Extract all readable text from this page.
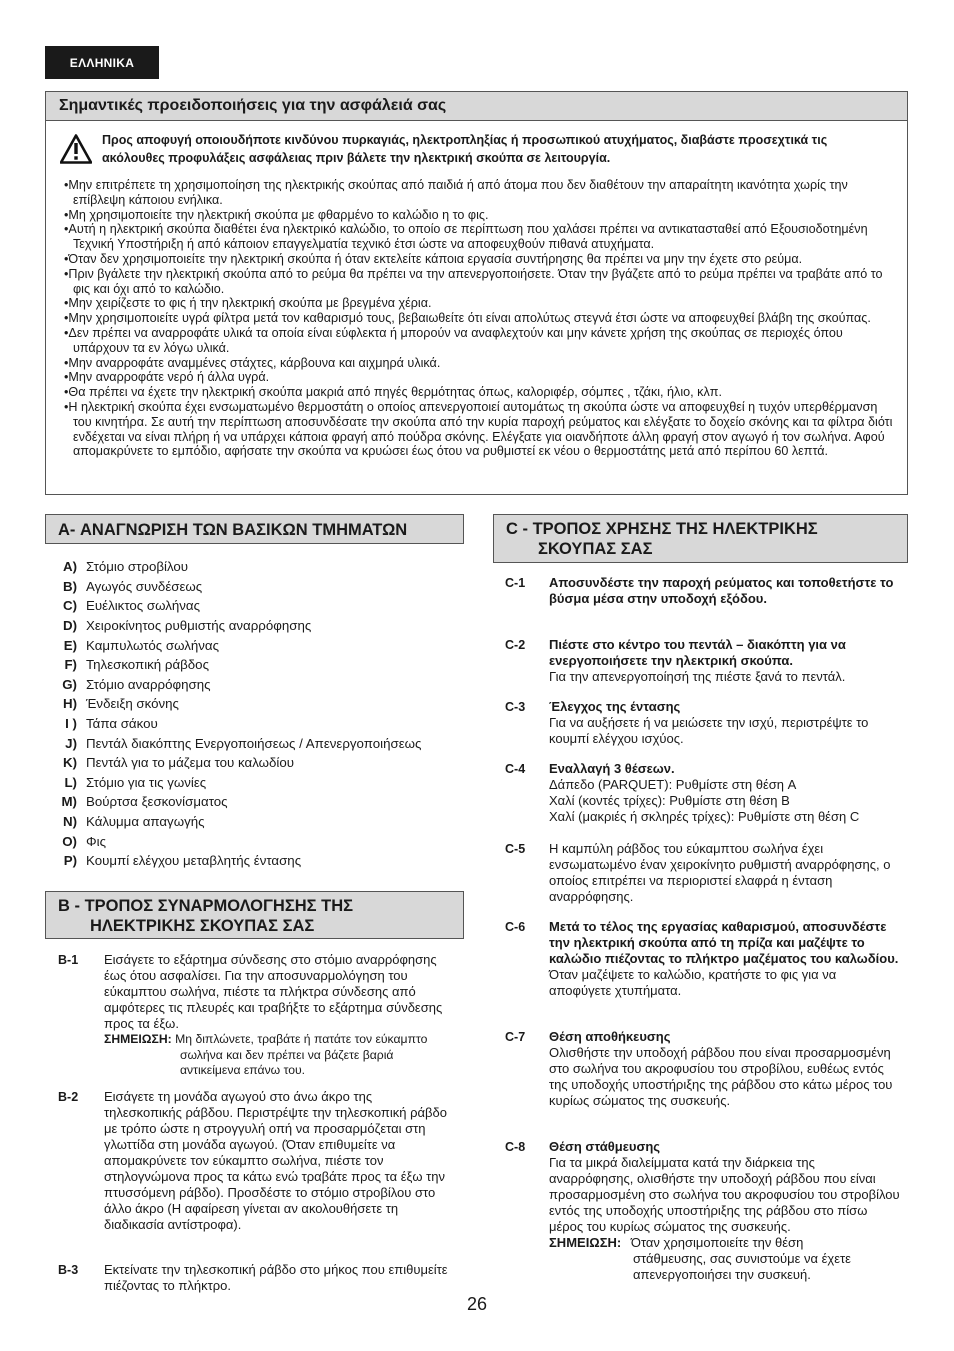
ΕΛΛΗΝΙΚΑ
Σημαντικές προειδοποιήσεις για την ασφάλειά σας
Προς αποφυγή οποιουδήποτε κινδύνου πυρκαγιάς, ηλεκτροπληξίας ή προσωπικού ατυχήματος, διαβάστε προσεχτικά τις ακόλουθες προφυλάξεις ασφάλειας πριν βάλετε την ηλεκτρική σκούπα σε λειτουργία.
• Μην επιτρέπετε τη χρησιμοποίηση της ηλεκτρικής σκούπας από παιδιά ή από άτομα που δεν διαθέτουν την απαραίτητη ικανότητα χωρίς την επίβλεψη κάποιου ενήλικα.
• Μη χρησιμοποιείτε την ηλεκτρική σκούπα με φθαρμένο το καλώδιο η το φις.
• Αυτή η ηλεκτρική σκούπα διαθέτει ένα ηλεκτρικό καλώδιο, το οποίο σε περίπτωση που χαλάσει πρέπει να αντικατασταθεί από Εξουσιοδοτημένη Τεχνική Υποστήριξη ή από κάποιον επαγγελματία τεχνικό έτσι ώστε να αποφευχθούν πιθανά ατυχήματα.
• Όταν δεν χρησιμοποιείτε την ηλεκτρική σκούπα ή όταν εκτελείτε κάποια εργασία συντήρησης θα πρέπει να μην την έχετε στο ρεύμα.
• Πριν βγάλετε την ηλεκτρική σκούπα από το ρεύμα θα πρέπει να την απενεργοποιήσετε. Όταν την βγάζετε από το ρεύμα πρέπει να τραβάτε από το φις και όχι από το καλώδιο.
• Μην χειρίζεστε το φις ή την ηλεκτρική σκούπα με βρεγμένα χέρια.
• Μην χρησιμοποιείτε υγρά φίλτρα μετά τον καθαρισμό τους, βεβαιωθείτε ότι είναι απολύτως στεγνά έτσι ώστε να αποφευχθεί βλάβη της σκούπας.
• Δεν πρέπει να αναρροφάτε υλικά τα οποία είναι εύφλεκτα ή μπορούν να αναφλεχτούν και μην κάνετε χρήση της σκούπας σε περιοχές όπου υπάρχουν τα εν λόγω υλικά.
• Μην αναρροφάτε αναμμένες στάχτες, κάρβουνα και αιχμηρά υλικά.
• Μην αναρροφάτε νερό ή άλλα υγρά.
• Θα πρέπει να έχετε την ηλεκτρική σκούπα μακριά από πηγές θερμότητας όπως, καλοριφέρ, σόμπες , τζάκι, ήλιο, κλπ.
• Η ηλεκτρική σκούπα έχει ενσωματωμένο θερμοστάτη ο οποίος απενεργοποιεί αυτομάτως τη σκούπα ώστε να αποφευχθεί η τυχόν υπερθέρμανση του κινητήρα. Σε αυτή την περίπτωση αποσυνδέσατε την σκούπα από την κυρία παροχή ρεύματος και ελέγξατε το δοχείο σκόνης και τα φίλτρα διότι ενδέχεται να είναι πλήρη ή να υπάρχει κάποια φραγή από πούδρα σκόνης. Ελέγξατε για οιανδήποτε άλλη φραγή στον αγωγό ή τον σωλήνα. Αφού απομακρύνετε το εμπόδιο, αφήσατε την σκούπα να κρυώσει έως ότου να ρυθμιστεί εκ νέου ο θερμοστάτης μετά από περίπου 60 λεπτά.
A- ΑΝΑΓΝΩΡΙΣΗ ΤΩΝ ΒΑΣΙΚΩΝ ΤΜΗΜΑΤΩΝ
A) Στόμιο στροβίλου
B) Αγωγός συνδέσεως
C) Ευέλικτος σωλήνας
D) Χειροκίνητος ρυθμιστής αναρρόφησης
E) Καμπυλωτός σωλήνας
F) Τηλεσκοπική ράβδος
G) Στόμιο αναρρόφησης
H) Ένδειξη σκόνης
I ) Τάπα σάκου
J) Πεντάλ διακόπτης Ενεργοποιήσεως / Απενεργοποιήσεως
K) Πεντάλ για το μάζεμα του καλωδίου
L) Στόμιο για τις γωνίες
M) Βούρτσα ξεσκονίσματος
N) Κάλυμμα απαγωγής
O) Φις
P) Κουμπί ελέγχου μεταβλητής έντασης
B - ΤΡΟΠΟΣ ΣΥΝΑΡΜΟΛΟΓΗΣΗΣ ΤΗΣ
ΗΛΕΚΤΡΙΚΗΣ ΣΚΟΥΠΑΣ ΣΑΣ
B-1 Εισάγετε το εξάρτημα σύνδεσης στο στόμιο αναρρόφησης έως ότου ασφαλίσει. Για την αποσυναρμολόγηση του εύκαμπτου σωλήνα, πιέστε τα πλήκτρα σύνδεσης από αμφότερες τις πλευρές και τραβήξτε το εξάρτημα σύνδεσης προς τα έξω.
ΣΗΜΕΙΩΣΗ: Μη διπλώνετε, τραβάτε ή πατάτε τον εύκαμπτο
σωλήνα και δεν πρέπει να βάζετε βαριά αντικείμενα επάνω του.
B-2	Εισάγετε τη μονάδα αγωγού στο άνω άκρο της τηλεσκοπικής ράβδου. Περιστρέψτε την τηλεσκοπική ράβδο με τρόπο ώστε η στρογγυλή οπή να προσαρμόζεται στη γλωττίδα στη μονάδα αγωγού. (Όταν επιθυμείτε να απομακρύνετε τον εύκαμπτο σωλήνα, πιέστε τον στηλογνώμονα προς τα κάτω ενώ τραβάτε προς τα έξω την πτυσσόμενη ράβδο). Προσδέστε το στόμιο στροβίλου στο άλλο άκρο (Η αφαίρεση γίνεται αν ακολουθήσετε τη διαδικασία αντίστροφα).
B-3	Εκτείνατε την τηλεσκοπική ράβδο στο μήκος που επιθυμείτε πιέζοντας το πλήκτρο.
C - ΤΡΟΠΟΣ ΧΡΗΣΗΣ ΤΗΣ ΗΛΕΚΤΡΙΚΗΣ
ΣΚΟΥΠΑΣ ΣΑΣ
C-1	Αποσυνδέστε την παροχή ρεύματος και τοποθετήστε το βύσμα μέσα στην υποδοχή εξόδου.
C-2 Πιέστε στο κέντρο του πεντάλ – διακόπτη για να ενεργοποιήσετε την ηλεκτρική σκούπα.
Για την απενεργοποίησή της πιέστε ξανά το πεντάλ.
C-3 Έλεγχος της έντασης
Για να αυξήσετε ή να μειώσετε την ισχύ, περιστρέψτε το κουμπί ελέγχου ισχύος.
C-4 Εναλλαγή 3 θέσεων.
Δάπεδο (PARQUET): Ρυθμίστε στη θέση A
Χαλί (κοντές τρίχες): Ρυθμίστε στη θέση B
Χαλί (μακριές ή σκληρές τρίχες): Ρυθμίστε στη θέση C
C-5	Η καμπύλη ράβδος του εύκαμπτου σωλήνα έχει ενσωματωμένο έναν χειροκίνητο ρυθμιστή αναρρόφησης, ο οποίος επιτρέπει να περιοριστεί ελαφρά η ένταση αναρρόφησης.
C-6 Μετά το τέλος της εργασίας καθαρισμού, αποσυνδέστε την ηλεκτρική σκούπα από τη πρίζα και μαζέψτε το καλώδιο πιέζοντας το πλήκτρο μαζέματος του καλωδίου.
Όταν μαζέψετε το καλώδιο, κρατήστε το φις για να αποφύγετε χτυπήματα.
C-7 Θέση αποθήκευσης
Ολισθήστε την υποδοχή ράβδου που είναι προσαρμοσμένη στο σωλήνα του ακροφυσίου του στροβίλου, ευθέως εντός της υποδοχής υποστήριξης της ράβδου στο κάτω μέρος του κυρίως σώματος της συσκευής.
C-8 Θέση στάθμευσης
Για τα μικρά διαλείμματα κατά την διάρκεια της αναρρόφησης, ολισθήστε την υποδοχή ράβδου που είναι προσαρμοσμένη στο σωλήνα του ακροφυσίου του στροβίλου εντός της υποδοχής υποστήριξης της ράβδου στο πίσω μέρος του κυρίως σώματος της συσκευής.
ΣΗΜΕΙΩΣΗ: Όταν χρησιμοποιείτε την θέση
στάθμευσης, σας συνιστούμε να έχετε απενεργοποιήσει την συσκευή.
26
